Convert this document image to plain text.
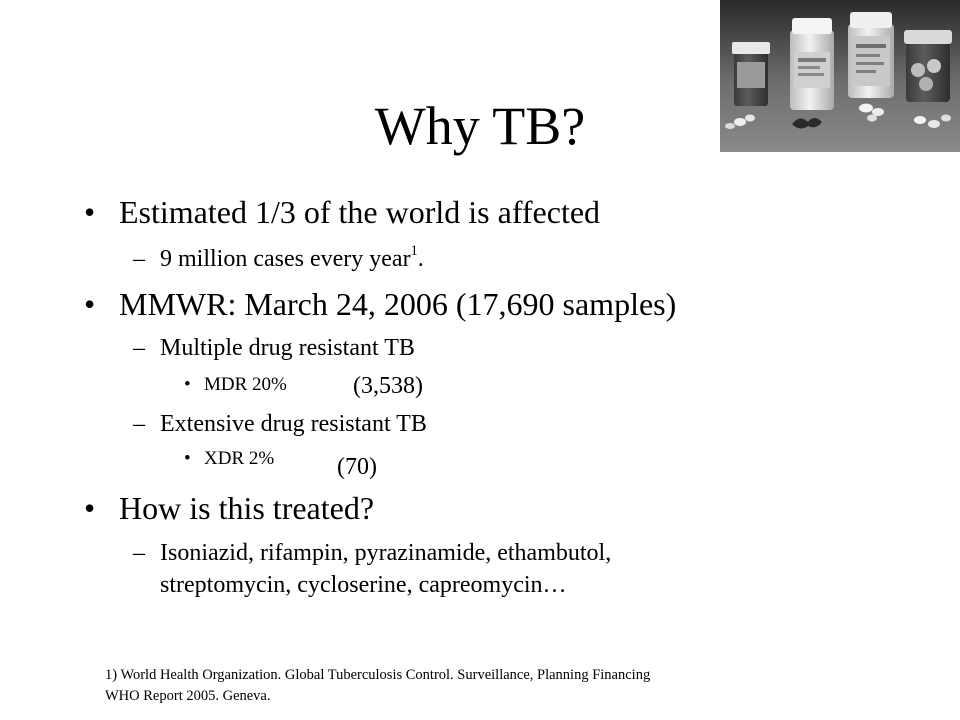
Why TB?
• Estimated 1/3 of the world is affected
– 9 million cases every year$^1$.
• MMWR: March 24, 2006 (17,690 samples)
– Multiple drug resistant TB
• MDR 20%	(3,538)
– Extensive drug resistant TB
• XDR 2%	(70)
• How is this treated?
– Isoniazid, rifampin, pyrazinamide, ethambutol,
streptomycin, cycloserine, capreomycin…
1) World Health Organization. Global Tuberculosis Control. Surveillance, Planning Financing
WHO Report 2005. Geneva.
